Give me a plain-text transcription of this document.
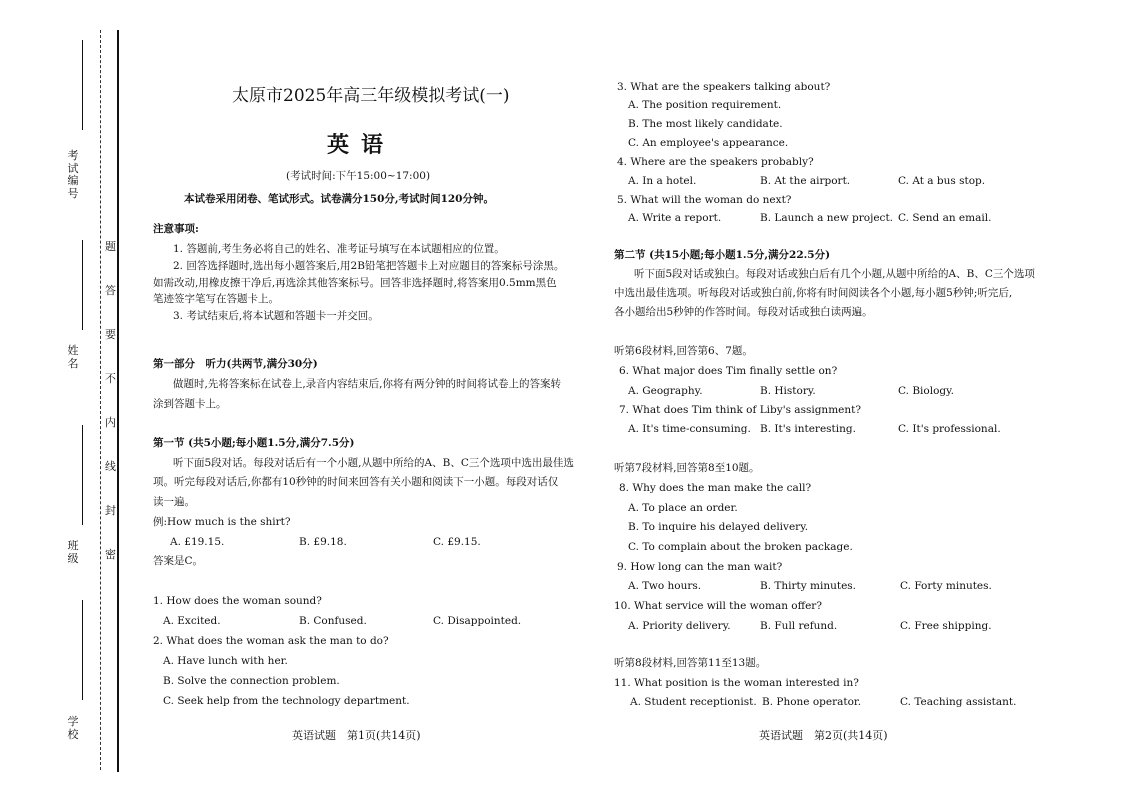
考
试
编
号
姓
名
班
级
学
校
题
答
要
不
内
线
封
密
太原市2025年高三年级模拟考试(一)
英语
(考试时间:下午15:00~17:00)
本试卷采用闭卷、笔试形式。试卷满分150分,考试时间120分钟。
注意事项:
1. 答题前,考生务必将自己的姓名、准考证号填写在本试题相应的位置。
2. 回答选择题时,选出每小题答案后,用2B铅笔把答题卡上对应题目的答案标号涂黑。
如需改动,用橡皮擦干净后,再选涂其他答案标号。回答非选择题时,将答案用0.5mm黑色
笔迹签字笔写在答题卡上。
3. 考试结束后,将本试题和答题卡一并交回。
第一部分　听力(共两节,满分30分)
做题时,先将答案标在试卷上,录音内容结束后,你将有两分钟的时间将试卷上的答案转
涂到答题卡上。
第一节 (共5小题;每小题1.5分,满分7.5分)
听下面5段对话。每段对话后有一个小题,从题中所给的A、B、C三个选项中选出最佳选
项。听完每段对话后,你都有10秒钟的时间来回答有关小题和阅读下一小题。每段对话仅
读一遍。
例:How much is the shirt?
A. £19.15.	B. £9.18.	C. £9.15.
答案是C。
1. How does the woman sound?
A. Excited.	B. Confused.	C. Disappointed.
2. What does the woman ask the man to do?
A. Have lunch with her.
B. Solve the connection problem.
C. Seek help from the technology department.
英语试题　第1页(共14页)
3. What are the speakers talking about?
A. The position requirement.
B. The most likely candidate.
C. An employee's appearance.
4. Where are the speakers probably?
A. In a hotel.	B. At the airport.	C. At a bus stop.
5. What will the woman do next?
A. Write a report.	B. Launch a new project. C. Send an email.
第二节 (共15小题;每小题1.5分,满分22.5分)
听下面5段对话或独白。每段对话或独白后有几个小题,从题中所给的A、B、C三个选项
中选出最佳选项。听每段对话或独白前,你将有时间阅读各个小题,每小题5秒钟;听完后,
各小题给出5秒钟的作答时间。每段对话或独白读两遍。
听第6段材料,回答第6、7题。
6. What major does Tim finally settle on?
A. Geography.	B. History.	C. Biology.
7. What does Tim think of Liby's assignment?
A. It's time-consuming. B. It's interesting.	C. It's professional.
听第7段材料,回答第8至10题。
8. Why does the man make the call?
A. To place an order.
B. To inquire his delayed delivery.
C. To complain about the broken package.
9. How long can the man wait?
A. Two hours.	B. Thirty minutes.	C. Forty minutes.
10. What service will the woman offer?
A. Priority delivery.	B. Full refund.	C. Free shipping.
听第8段材料,回答第11至13题。
11. What position is the woman interested in?
A. Student receptionist. B. Phone operator.	C. Teaching assistant.
英语试题　第2页(共14页)
